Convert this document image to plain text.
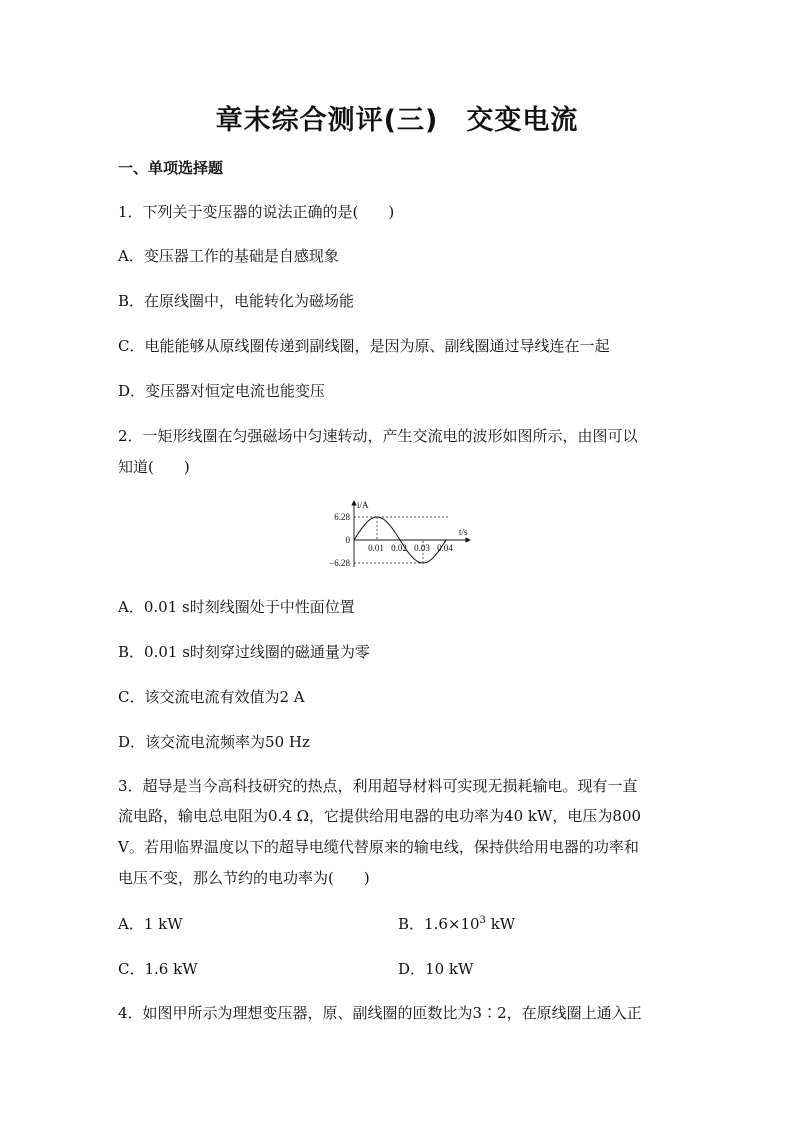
章末综合测评(三)　交变电流
一、单项选择题
1．下列关于变压器的说法正确的是(　　)
A．变压器工作的基础是自感现象
B．在原线圈中，电能转化为磁场能
C．电能能够从原线圈传递到副线圈，是因为原、副线圈通过导线连在一起
D．变压器对恒定电流也能变压
2．一矩形线圈在匀强磁场中匀速转动，产生交流电的波形如图所示，由图可以
知道(　　)
i/A
t/s
6.28
0
−6.28
0.01 0.02 0.03 0.04
A．0.01 s时刻线圈处于中性面位置
B．0.01 s时刻穿过线圈的磁通量为零
C．该交流电流有效值为2 A
D．该交流电流频率为50 Hz
3．超导是当今高科技研究的热点，利用超导材料可实现无损耗输电。现有一直
流电路，输电总电阻为0.4 Ω，它提供给用电器的电功率为40 kW，电压为800
V。若用临界温度以下的超导电缆代替原来的输电线，保持供给用电器的功率和
电压不变，那么节约的电功率为(　　)
A．1 kW	B．$1.6\times 10^3$ kW
C．1.6 kW	D．10 kW
4．如图甲所示为理想变压器，原、副线圈的匝数比为3∶2，在原线圈上通入正
